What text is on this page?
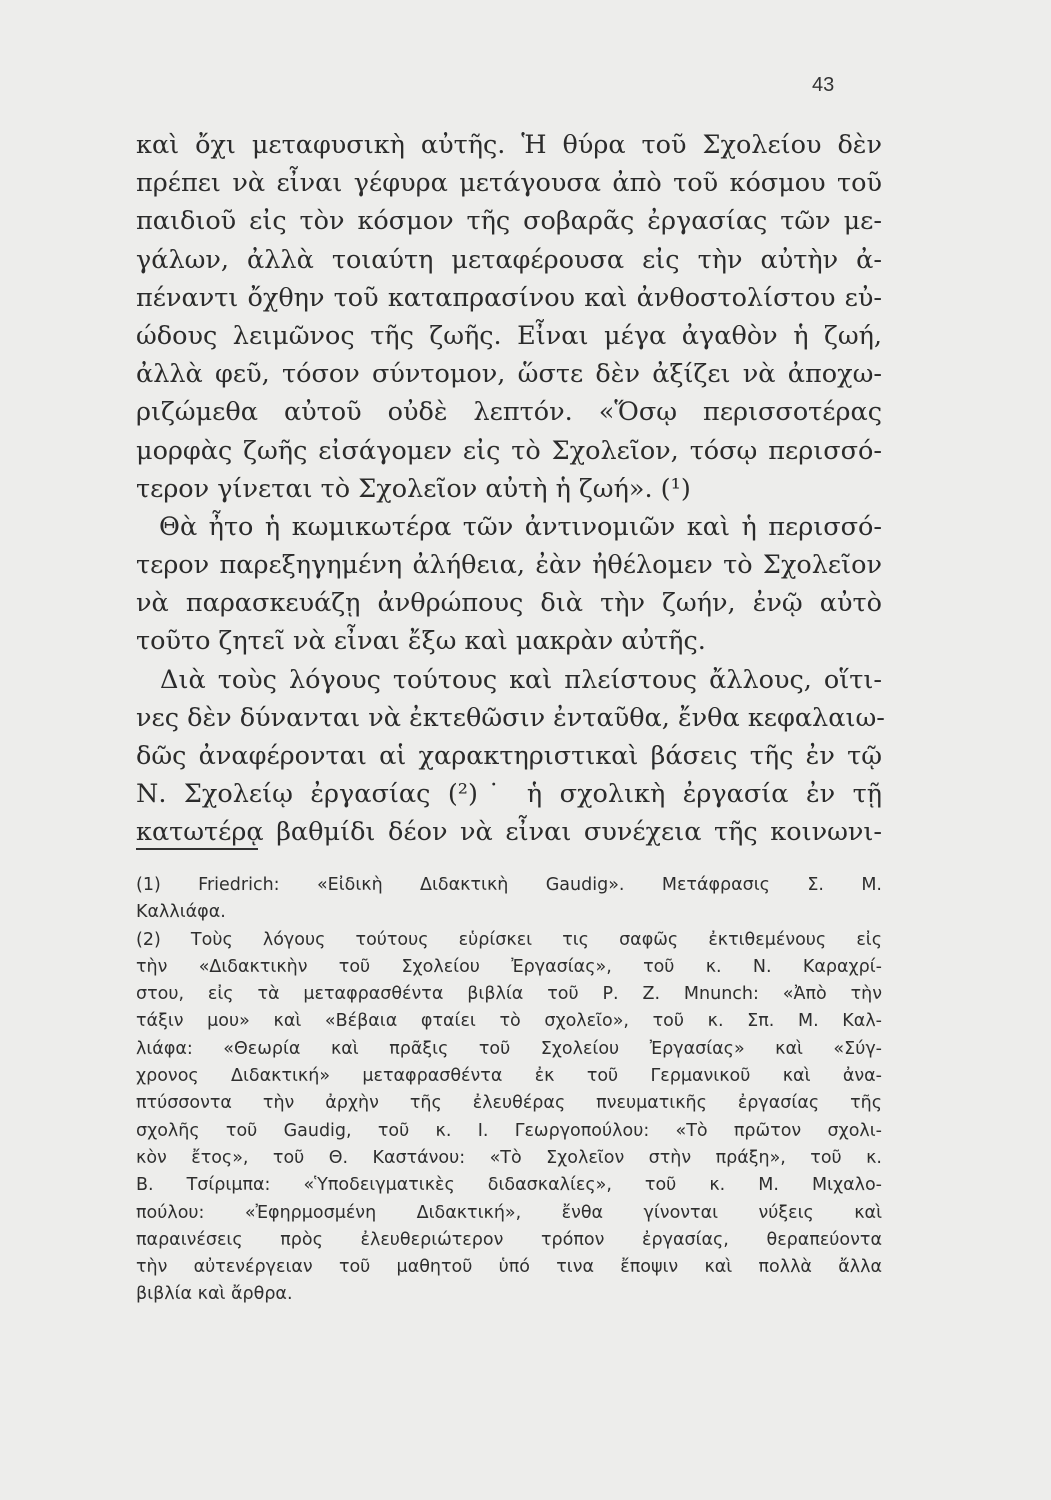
43
καὶ ὄχι μεταφυσικὴ αὐτῆς. Ἡ θύρα τοῦ Σχολείου δὲν
πρέπει νὰ εἶναι γέφυρα μετάγουσα ἀπὸ τοῦ κόσμου τοῦ
παιδιοῦ εἰς τὸν κόσμον τῆς σοβαρᾶς ἐργασίας τῶν με-
γάλων, ἀλλὰ τοιαύτη μεταφέρουσα εἰς τὴν αὐτὴν ἀ-
πέναντι ὄχθην τοῦ καταπρασίνου καὶ ἀνθοστολίστου εὐ-
ώδους λειμῶνος τῆς ζωῆς. Εἶναι μέγα ἀγαθὸν ἡ ζωή,
ἀλλὰ φεῦ, τόσον σύντομον, ὥστε δὲν ἀξίζει νὰ ἀποχω-
ριζώμεθα αὐτοῦ οὐδὲ λεπτόν. «Ὅσῳ περισσοτέρας
μορφὰς ζωῆς εἰσάγομεν εἰς τὸ Σχολεῖον, τόσῳ περισσό-
τερον γίνεται τὸ Σχολεῖον αὐτὴ ἡ ζωή». (¹)
Θὰ ἦτο ἡ κωμικωτέρα τῶν ἀντινομιῶν καὶ ἡ περισσό-
τερον παρεξηγημένη ἀλήθεια, ἐὰν ἠθέλομεν τὸ Σχολεῖον
νὰ παρασκευάζῃ ἀνθρώπους διὰ τὴν ζωήν, ἐνῷ αὐτὸ
τοῦτο ζητεῖ νὰ εἶναι ἔξω καὶ μακρὰν αὐτῆς.
Διὰ τοὺς λόγους τούτους καὶ πλείστους ἄλλους, οἵτι-
νες δὲν δύνανται νὰ ἐκτεθῶσιν ἐνταῦθα, ἔνθα κεφαλαιω-
δῶς ἀναφέρονται αἱ χαρακτηριστικαὶ βάσεις τῆς ἐν τῷ
Ν. Σχολείῳ ἐργασίας (²)˙ ἡ σχολικὴ ἐργασία ἐν τῇ
κατωτέρᾳ βαθμίδι δέον νὰ εἶναι συνέχεια τῆς κοινωνι-
(1) Friedrich: «Εἰδικὴ Διδακτικὴ Gaudig». Μετάφρασις Σ. Μ.
Καλλιάφα.
(2) Τοὺς λόγους τούτους εὑρίσκει τις σαφῶς ἐκτιθεμένους εἰς
τὴν «Διδακτικὴν τοῦ Σχολείου Ἐργασίας», τοῦ κ. Ν. Καραχρί-
στου, εἰς τὰ μεταφρασθέντα βιβλία τοῦ Ρ. Z. Mnunch: «Ἀπὸ τὴν
τάξιν μου» καὶ «Βέβαια φταίει τὸ σχολεῖο», τοῦ κ. Σπ. Μ. Καλ-
λιάφα: «Θεωρία καὶ πρᾶξις τοῦ Σχολείου Ἐργασίας» καὶ «Σύγ-
χρονος Διδακτική» μεταφρασθέντα ἐκ τοῦ Γερμανικοῦ καὶ ἀνα-
πτύσσοντα τὴν ἀρχὴν τῆς ἐλευθέρας πνευματικῆς ἐργασίας τῆς
σχολῆς τοῦ Gaudig, τοῦ κ. Ι. Γεωργοπούλου: «Τὸ πρῶτον σχολι-
κὸν ἔτος», τοῦ Θ. Καστάνου: «Τὸ Σχολεῖον στὴν πράξη», τοῦ κ.
Β. Τσίριμπα: «Ὑποδειγματικὲς διδασκαλίες», τοῦ κ. Μ. Μιχαλο-
πούλου: «Ἐφηρμοσμένη Διδακτική», ἔνθα γίνονται νύξεις καὶ
παραινέσεις πρὸς ἐλευθεριώτερον τρόπον ἐργασίας, θεραπεύοντα
τὴν αὐτενέργειαν τοῦ μαθητοῦ ὑπό τινα ἔποψιν καὶ πολλὰ ἄλλα
βιβλία καὶ ἄρθρα.
